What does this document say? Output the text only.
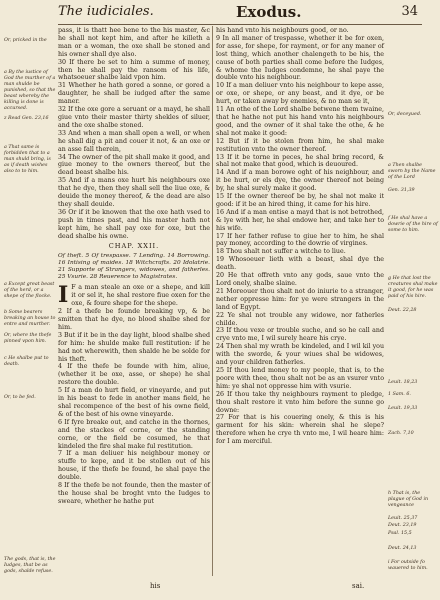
The iudiciales.	Exodus.	34
Or, pricked in the
a By the iustice of God the murther of a man shulde be punished, so that the beast whereby the killing is done is accursed.
z Read Gen. 23,16
a That same is forbidden that to a man shuld bring, is as if death wishes also to to him.
a Except great beast of the herd, or a shepe of the flocke.
b Some bearers breaking an house to entre and murther.
Or, where the thefe pinned vpon him.
c He shalbe put to death.
Or, to be fed.
The gods, that is, the Iudges, that be as gods, shalde refuse.
Or, deceyued.
a Then shalbe sworn by the Name of the Lord
Gen. 31,39
f He shal have a dowrie of the hire of some to him.
g He that lost the creatures shal make it good, for he was paid of his hire.
Deut. 22,28
Leuit. 18,23
1 Sam. 6.
Leuit. 19,33
Zach. 7,10
h That is, the plague of God in vengeance
Leuit. 25,37
Deut. 23,19
Psal. 15,5
Deut. 24,13
i For outside fo wauered to him.

pass, it is thatt hee bene to the his master, &c he shall not kept him, and after he killeth a man or a woman, the oxe shall be stoned and his owner shall dye also.

30 If there be set to him a summe of money, then he shall pay the ransom of his life, whatsoeuer shalbe laid vpon him.

31 Whether he hath gored a sonne, or gored a daughter, he shall be iudged after the same maner.

32 If the oxe gore a seruant or a mayd, he shall giue vnto their master thirty shekles of siluer, and the oxe shalbe stoned.

33 And when a man shall open a well, or when he shall dig a pit and couer it not, & an oxe or an asse fall therein,

34 The owner of the pit shall make it good, and giue money to the owners thereof, but the dead beast shalbe his.

35 And if a mans oxe hurt his neighbours oxe that he dye, then they shall sell the liue oxe, & deuide the money thereof, & the dead are also they shall deuide.

36 Or if it be knowen that the oxe hath vsed to push in times past, and his master hath not kept him, he shall pay oxe for oxe, but the dead shalbe his owne.

CHAP. XXII.

Of theft. 5 Of trespasse. 7 Lending. 14 Borrowing. 16 Intising of maides. 18 Witchcrafts. 20 Idolatrie. 21 Supporte of Strangers, widowes, and fatherles. 25 Vsurie. 28 Reuerence to Magistrates.

I F a man steale an oxe or a shepe, and kill it or sel it, he shal restore fiue oxen for the oxe, & foure shepe for the shepe.

2 If a thefe be founde breaking vp, & be smitten that he dye, no blood shalbe shed for him.

3 But if it be in the day light, blood shalbe shed for him: he shulde make full restitution: if he had not wherewith, then shalde he be solde for his theft.

4 If the thefe be founde with him, aliue, (whether it be oxe, asse, or shepe) he shal restore the double.

5 If a man do hurt field, or vineyarde, and put in his beast to fede in another mans field, he shal recompence of the best of his owne field, & of the best of his owne vineyarde.

6 If fyre breake out, and catche in the thornes, and the stackes of corne, or the standing corne, or the field be cosumed, he that kindeled the fire shal make ful restitution.

7 If a man deliuer his neighbour money or stuffe to kepe, and it be stollen out of his house, if the thefe be found, he shal paye the double.

8 If the thefe be not founde, then the master of the house shal be broght vnto the Iudges to sweare, whether he hathe put

his hand vnto his neighbours good, or no.

9 In all maner of trespasse, whether it be for oxen, for asse, for shepe, for rayment, or for any maner of lost thing, which another chalengeth to be his, the cause of both parties shall come before the Iudges, & whome the Iudges condemne, he shal paye the double vnto his neighbour.

10 If a man deliuer vnto his neighbour to kepe asse, or oxe, or shepe, or any beast, and it dye, or be hurt, or taken away by enemies, & no man se it,

11 An othe of the Lord shalbe betwene them twaine, that he hathe not put his hand vnto his neighbours good, and the owner of it shal take the othe, & he shal not make it good:

12 But if it be stolen from him, he shal make restitution vnto the owner thereof.

13 If it be torne in peces, he shal bring record, & shal not make that good, which is deuoured.

14 And if a man borowe oght of his neighbour, and it be hurt, or els dye, the owner thereof not being by, he shal surely make it good.

15 If the owner thereof be by, he shal not make it good: if it be an hired thing, it came for his hire.

16 And if a man entise a mayd that is not betrothed, & lye with her, he shal endowe her, and take her to his wife.

17 If her father refuse to giue her to him, he shal pay money, according to the dowrie of virgines.

18 Thou shalt not suffer a witche to liue.

19 Whosoeuer lieth with a beast, shal dye the death.

20 He that offreth vnto any gods, saue vnto the Lord onely, shalbe slaine.

21 Moreouer thou shalt not do iniurie to a stranger, nether oppresse him: for ye were strangers in the land of Egypt.

22 Ye shal not trouble any widowe, nor fatherles childe.

23 If thou vexe or trouble suche, and so he call and crye vnto me, I wil surely heare his crye.

24 Then shal my wrath be kindeled, and I wil kil you with the sworde, & your wiues shal be widowes, and your children fatherles.

25 If thou lend money to my people, that is, to the poore with thee, thou shalt not be as an vsurer vnto him: ye shal not oppresse him with vsurie.

26 If thou take thy neighbours rayment to pledge, thou shalt restore it vnto him before the sunne go downe:

27 For that is his couering onely, & this is his garment for his skin: wherein shal he slepe? therefore when he crye th vnto me, I wil heare him: for I am merciful.

his	sai.
